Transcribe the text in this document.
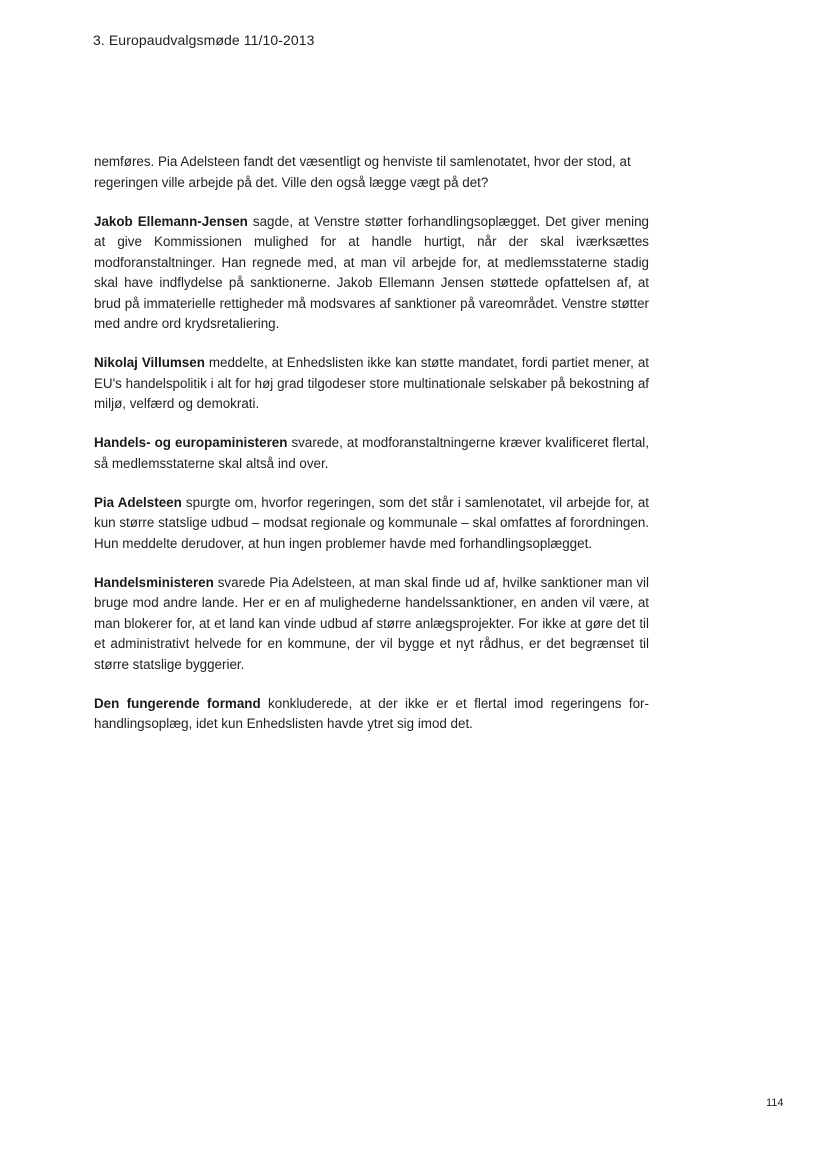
3. Europaudvalgsmøde 11/10-2013

nemføres. Pia Adelsteen fandt det væsentligt og henviste til samlenotatet, hvor der stod, at regeringen ville arbejde på det. Ville den også lægge vægt på det?

Jakob Ellemann-Jensen sagde, at Venstre støtter forhandlingsoplægget. Det giver mening at give Kommissionen mulighed for at handle hurtigt, når der skal iværksættes modforanstaltninger. Han regnede med, at man vil arbejde for, at medlemsstaterne stadig skal have indflydelse på sanktionerne. Jakob Ellemann Jensen støttede opfattelsen af, at brud på immaterielle rettigheder må modsvares af sanktioner på vareområdet. Venstre støtter med andre ord krydsretaliering.

Nikolaj Villumsen meddelte, at Enhedslisten ikke kan støtte mandatet, fordi partiet mener, at EU's handelspolitik i alt for høj grad tilgodeser store multinationale selskaber på bekostning af miljø, velfærd og demokrati.

Handels- og europaministeren svarede, at modforanstaltningerne kræver kvalificeret flertal, så medlemsstaterne skal altså ind over.

Pia Adelsteen spurgte om, hvorfor regeringen, som det står i samlenotatet, vil arbejde for, at kun større statslige udbud – modsat regionale og kommunale – skal omfattes af forordningen. Hun meddelte derudover, at hun ingen problemer havde med forhandlingsoplægget.

Handelsministeren svarede Pia Adelsteen, at man skal finde ud af, hvilke sanktioner man vil bruge mod andre lande. Her er en af mulighederne handelssanktioner, en anden vil være, at man blokerer for, at et land kan vinde udbud af større anlægsprojekter. For ikke at gøre det til et administrativt helvede for en kommune, der vil bygge et nyt rådhus, er det begrænset til større statslige byggerier.

Den fungerende formand konkluderede, at der ikke er et flertal imod regeringens forhandlingsoplæg, idet kun Enhedslisten havde ytret sig imod det.

114
